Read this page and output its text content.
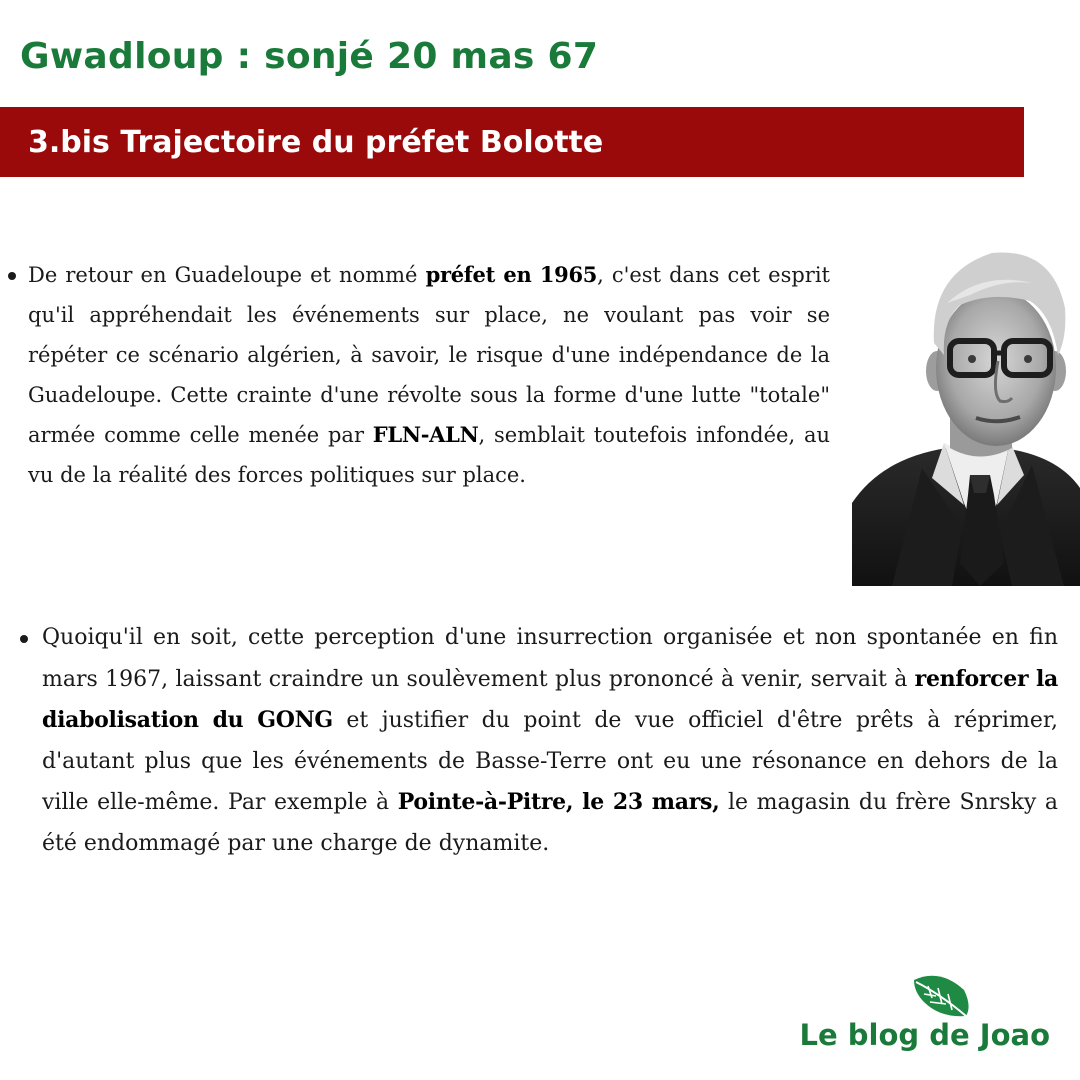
Gwadloup : sonjé 20 mas 67
3.bis Trajectoire du préfet Bolotte

De retour en Guadeloupe et nommé préfet en 1965, c'est dans cet esprit qu'il appréhendait les événements sur place, ne voulant pas voir se répéter ce scénario algérien, à savoir, le risque d'une indépendance de la Guadeloupe. Cette crainte d'une révolte sous la forme d'une lutte "totale" armée comme celle menée par FLN-ALN, semblait toutefois infondée, au vu de la réalité des forces politiques sur place.

Quoiqu'il en soit, cette perception d'une insurrection organisée et non spontanée en fin mars 1967, laissant craindre un soulèvement plus prononcé à venir, servait à renforcer la diabolisation du GONG et justifier du point de vue officiel d'être prêts à réprimer, d'autant plus que les événements de Basse-Terre ont eu une résonance en dehors de la ville elle-même. Par exemple à Pointe-à-Pitre, le 23 mars, le magasin du frère Snrsky a été endommagé par une charge de dynamite.

Le blog de Joao
